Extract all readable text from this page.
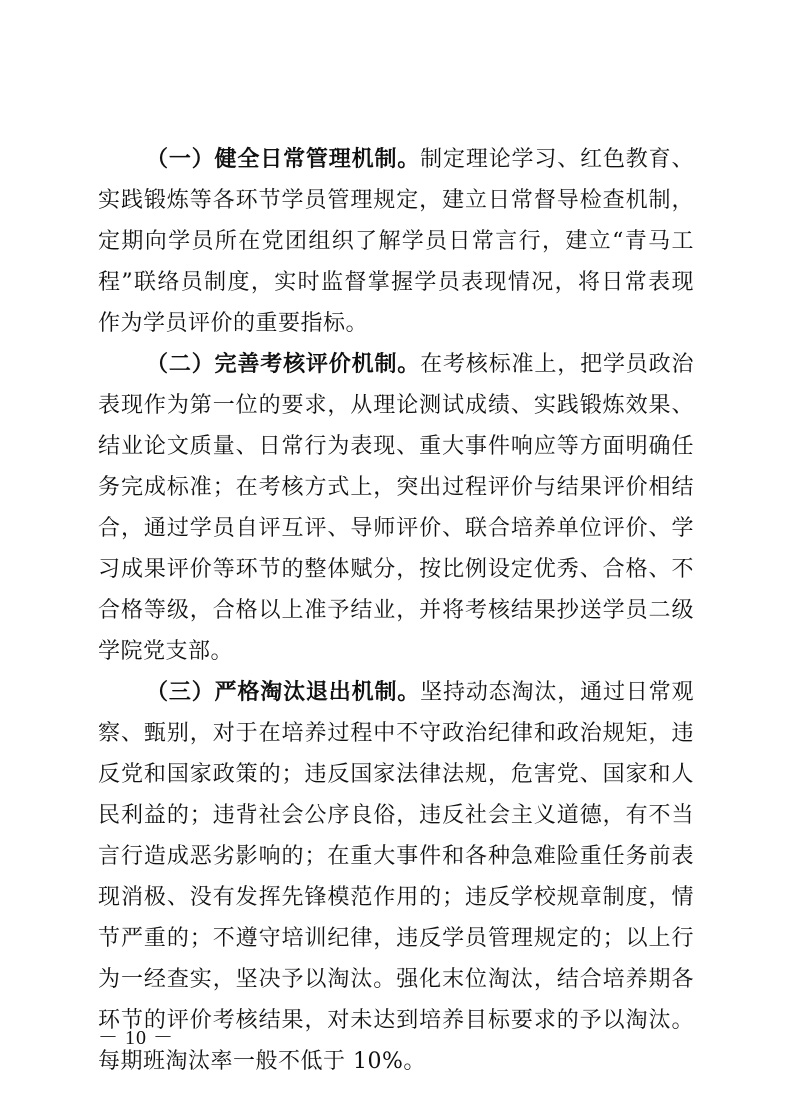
（一）健全日常管理机制。制定理论学习、红色教育、实践锻炼等各环节学员管理规定，建立日常督导检查机制，定期向学员所在党团组织了解学员日常言行，建立“青马工程”联络员制度，实时监督掌握学员表现情况，将日常表现作为学员评价的重要指标。

（二）完善考核评价机制。在考核标准上，把学员政治表现作为第一位的要求，从理论测试成绩、实践锻炼效果、结业论文质量、日常行为表现、重大事件响应等方面明确任务完成标准；在考核方式上，突出过程评价与结果评价相结合，通过学员自评互评、导师评价、联合培养单位评价、学习成果评价等环节的整体赋分，按比例设定优秀、合格、不合格等级，合格以上准予结业，并将考核结果抄送学员二级学院党支部。

（三）严格淘汰退出机制。坚持动态淘汰，通过日常观察、甄别，对于在培养过程中不守政治纪律和政治规矩，违反党和国家政策的；违反国家法律法规，危害党、国家和人民利益的；违背社会公序良俗，违反社会主义道德，有不当言行造成恶劣影响的；在重大事件和各种急难险重任务前表现消极、没有发挥先锋模范作用的；违反学校规章制度，情节严重的；不遵守培训纪律，违反学员管理规定的；以上行为一经查实，坚决予以淘汰。强化末位淘汰，结合培养期各环节的评价考核结果，对未达到培养目标要求的予以淘汰。每期班淘汰率一般不低于 10%。

－ 10 －
